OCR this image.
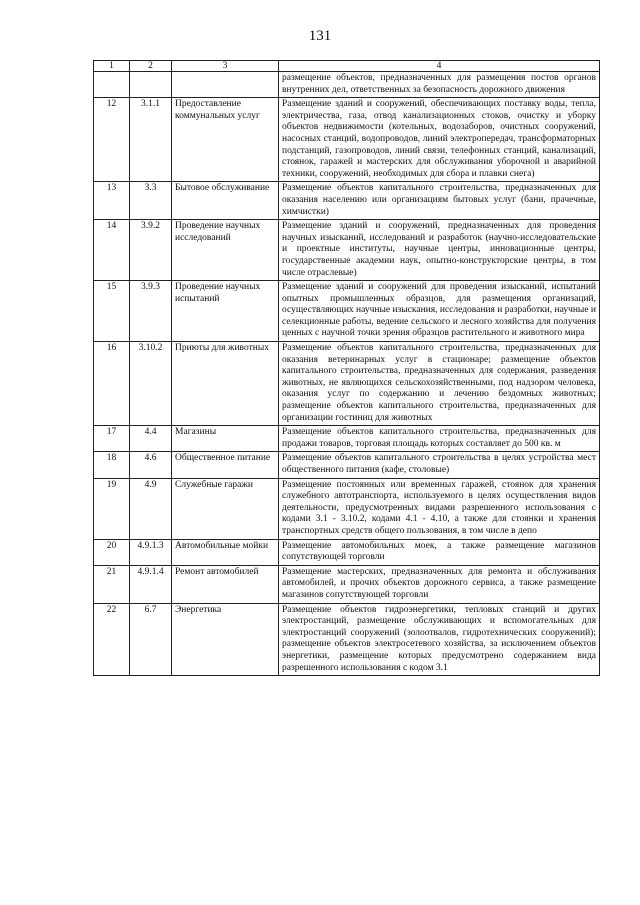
131
1	2	3	4
			размещение объектов, предназначенных для размещения постов органов внутренних дел, ответственных за безопасность дорожного движения
12	3.1.1	Предоставление коммунальных услуг	Размещение зданий и сооружений, обеспечивающих поставку воды, тепла, электричества, газа, отвод канализационных стоков, очистку и уборку объектов недвижимости (котельных, водозаборов, очистных сооружений, насосных станций, водопроводов, линий электропередач, трансформаторных подстанций, газопроводов, линий связи, телефонных станций, канализаций, стоянок, гаражей и мастерских для обслуживания уборочной и аварийной техники, сооружений, необходимых для сбора и плавки снега)
13	3.3	Бытовое обслуживание	Размещение объектов капитального строительства, предназначенных для оказания населению или организациям бытовых услуг (бани, прачечные, химчистки)
14	3.9.2	Проведение научных исследований	Размещение зданий и сооружений, предназначенных для проведения научных изысканий, исследований и разработок (научно-исследовательские и проектные институты, научные центры, инновационные центры, государственные академии наук, опытно-конструкторские центры, в том числе отраслевые)
15	3.9.3	Проведение научных испытаний	Размещение зданий и сооружений для проведения изысканий, испытаний опытных промышленных образцов, для размещения организаций, осуществляющих научные изыскания, исследования и разработки, научные и селекционные работы, ведение сельского и лесного хозяйства для получения ценных с научной точки зрения образцов растительного и животного мира
16	3.10.2	Приюты для животных	Размещение объектов капитального строительства, предназначенных для оказания ветеринарных услуг в стационаре; размещение объектов капитального строительства, предназначенных для содержания, разведения животных, не являющихся сельскохозяйственными, под надзором человека, оказания услуг по содержанию и лечению бездомных животных; размещение объектов капитального строительства, предназначенных для организации гостиниц для животных
17	4.4	Магазины	Размещение объектов капитального строительства, предназначенных для продажи товаров, торговая площадь которых составляет до 500 кв. м
18	4.6	Общественное питание	Размещение объектов капитального строительства в целях устройства мест общественного питания (кафе, столовые)
19	4.9	Служебные гаражи	Размещение постоянных или временных гаражей, стоянок для хранения служебного автотранспорта, используемого в целях осуществления видов деятельности, предусмотренных видами разрешенного использования с кодами 3.1 - 3.10.2, кодами 4.1 - 4.10, а также для стоянки и хранения транспортных средств общего пользования, в том числе в депо
20	4.9.1.3	Автомобильные мойки	Размещение автомобильных моек, а также размещение магазинов сопутствующей торговли
21	4.9.1.4	Ремонт автомобилей	Размещение мастерских, предназначенных для ремонта и обслуживания автомобилей, и прочих объектов дорожного сервиса, а также размещение магазинов сопутствующей торговли
22	6.7	Энергетика	Размещение объектов гидроэнергетики, тепловых станций и других электростанций, размещение обслуживающих и вспомогательных для электростанций сооружений (золоотвалов, гидротехнических сооружений); размещение объектов электросетевого хозяйства, за исключением объектов энергетики, размещение которых предусмотрено содержанием вида разрешенного использования с кодом 3.1
